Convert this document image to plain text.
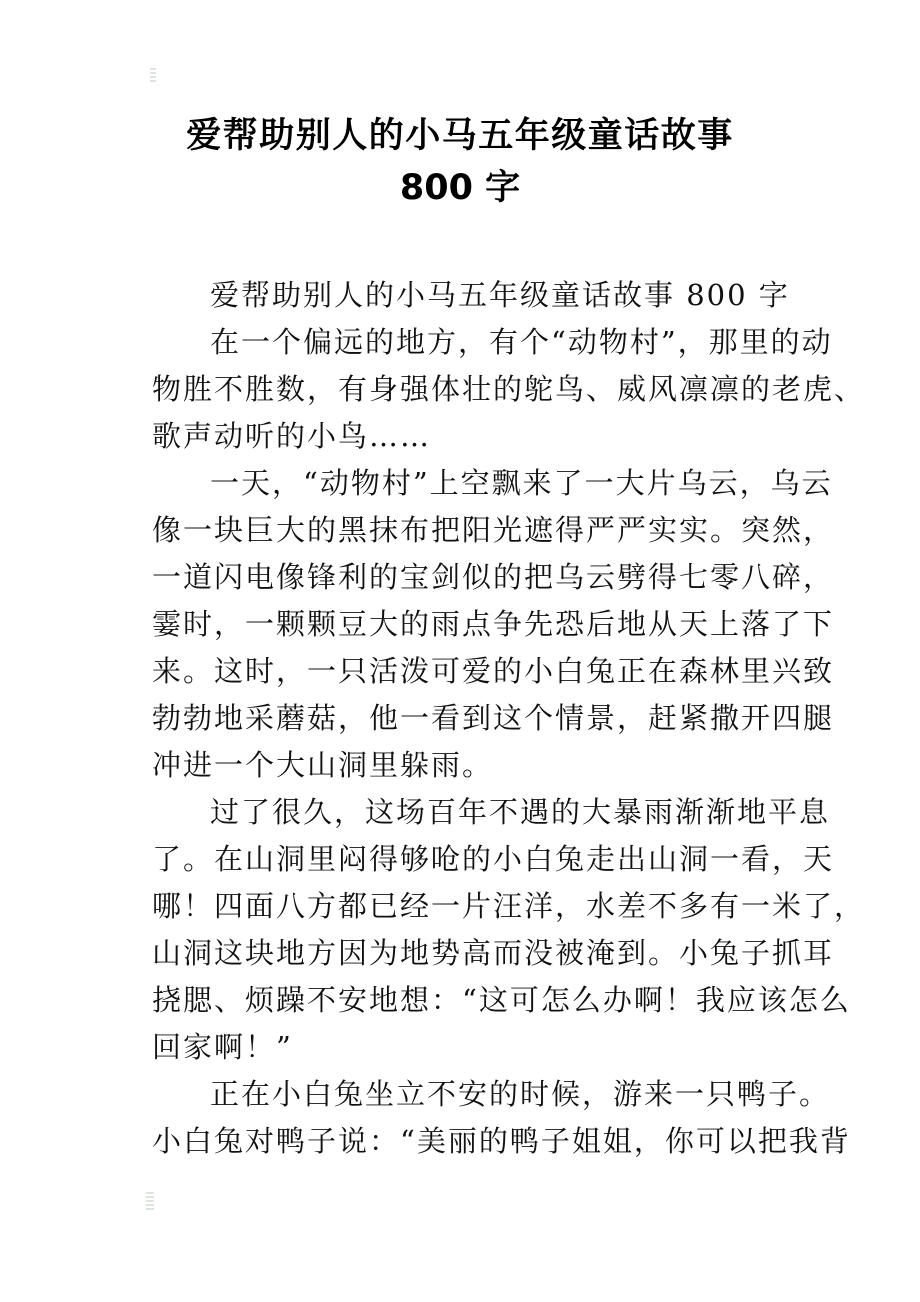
爱帮助别人的小马五年级童话故事
800 字
爱帮助别人的小马五年级童话故事 800 字
在一个偏远的地方，有个“动物村”，那里的动
物胜不胜数，有身强体壮的鸵鸟、威风凛凛的老虎、
歌声动听的小鸟……
一天，“动物村”上空飘来了一大片乌云，乌云
像一块巨大的黑抹布把阳光遮得严严实实。突然，
一道闪电像锋利的宝剑似的把乌云劈得七零八碎，
霎时，一颗颗豆大的雨点争先恐后地从天上落了下
来。这时，一只活泼可爱的小白兔正在森林里兴致
勃勃地采蘑菇，他一看到这个情景，赶紧撒开四腿
冲进一个大山洞里躲雨。
过了很久，这场百年不遇的大暴雨渐渐地平息
了。在山洞里闷得够呛的小白兔走出山洞一看，天
哪！四面八方都已经一片汪洋，水差不多有一米了，
山洞这块地方因为地势高而没被淹到。小兔子抓耳
挠腮、烦躁不安地想：“这可怎么办啊！我应该怎么
回家啊！”
正在小白兔坐立不安的时候，游来一只鸭子。
小白兔对鸭子说：“美丽的鸭子姐姐，你可以把我背
